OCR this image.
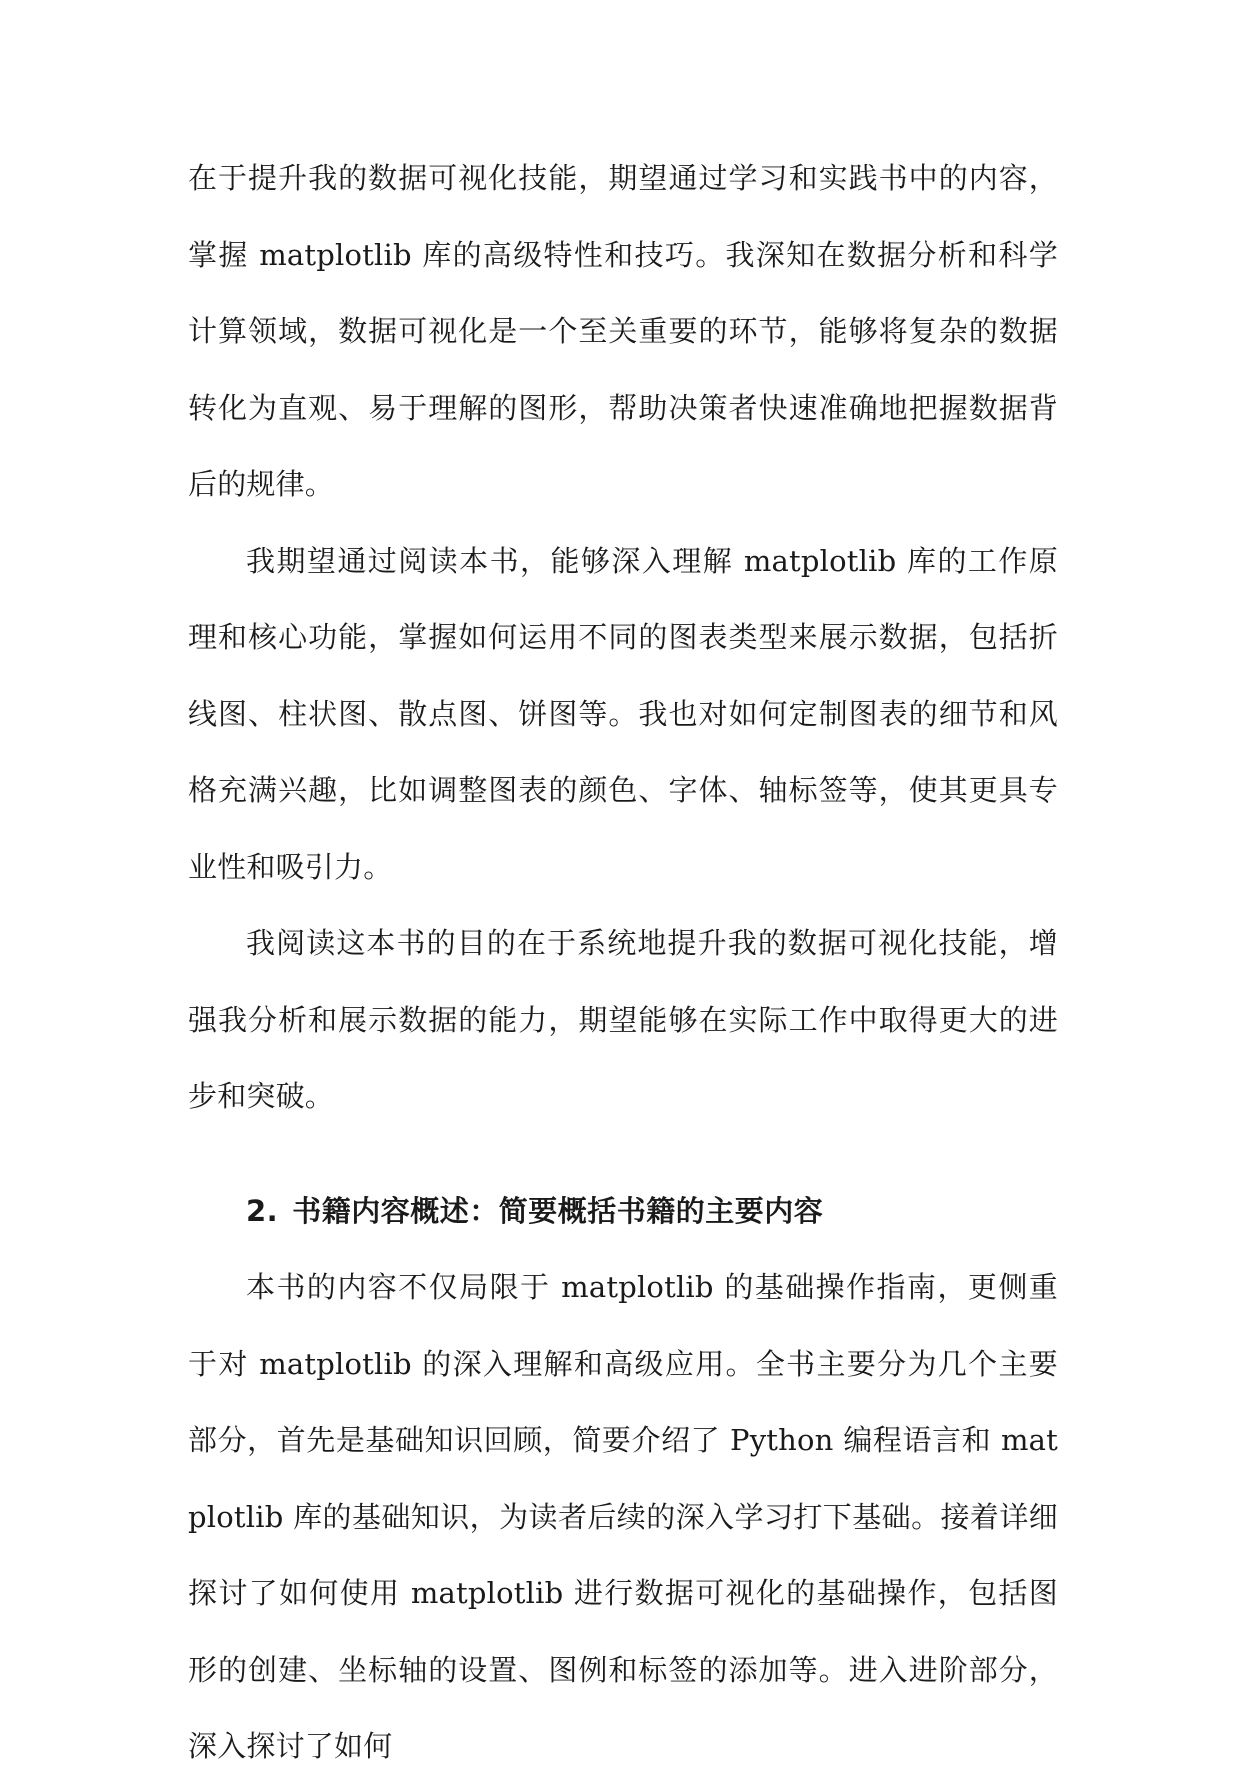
在于提升我的数据可视化技能，期望通过学习和实践书中的内容，掌握 matplotlib 库的高级特性和技巧。我深知在数据分析和科学计算领域，数据可视化是一个至关重要的环节，能够将复杂的数据转化为直观、易于理解的图形，帮助决策者快速准确地把握数据背后的规律。

我期望通过阅读本书，能够深入理解 matplotlib 库的工作原理和核心功能，掌握如何运用不同的图表类型来展示数据，包括折线图、柱状图、散点图、饼图等。我也对如何定制图表的细节和风格充满兴趣，比如调整图表的颜色、字体、轴标签等，使其更具专业性和吸引力。

我阅读这本书的目的在于系统地提升我的数据可视化技能，增强我分析和展示数据的能力，期望能够在实际工作中取得更大的进步和突破。

2. 书籍内容概述：简要概括书籍的主要内容

本书的内容不仅局限于 matplotlib 的基础操作指南，更侧重于对 matplotlib 的深入理解和高级应用。全书主要分为几个主要部分，首先是基础知识回顾，简要介绍了 Python 编程语言和 matplotlib 库的基础知识，为读者后续的深入学习打下基础。接着详细探讨了如何使用 matplotlib 进行数据可视化的基础操作，包括图形的创建、坐标轴的设置、图例和标签的添加等。进入进阶部分，深入探讨了如何
